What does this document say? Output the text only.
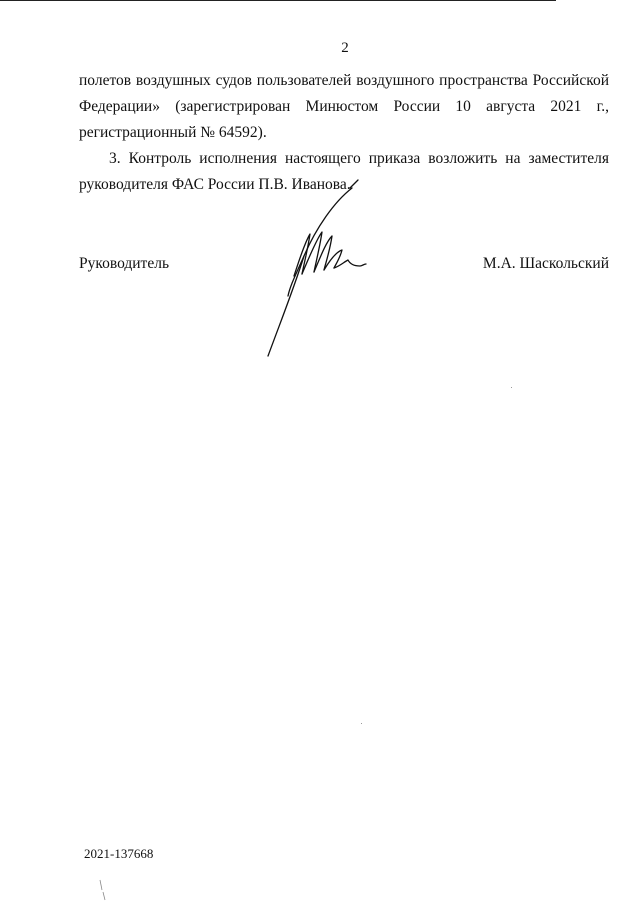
2
полетов воздушных судов пользователей воздушного пространства Российской Федерации» (зарегистрирован Минюстом России 10 августа 2021 г., регистрационный № 64592).
3. Контроль исполнения настоящего приказа возложить на заместителя руководителя ФАС России П.В. Иванова.
Руководитель	М.А. Шаскольский
2021-137668
